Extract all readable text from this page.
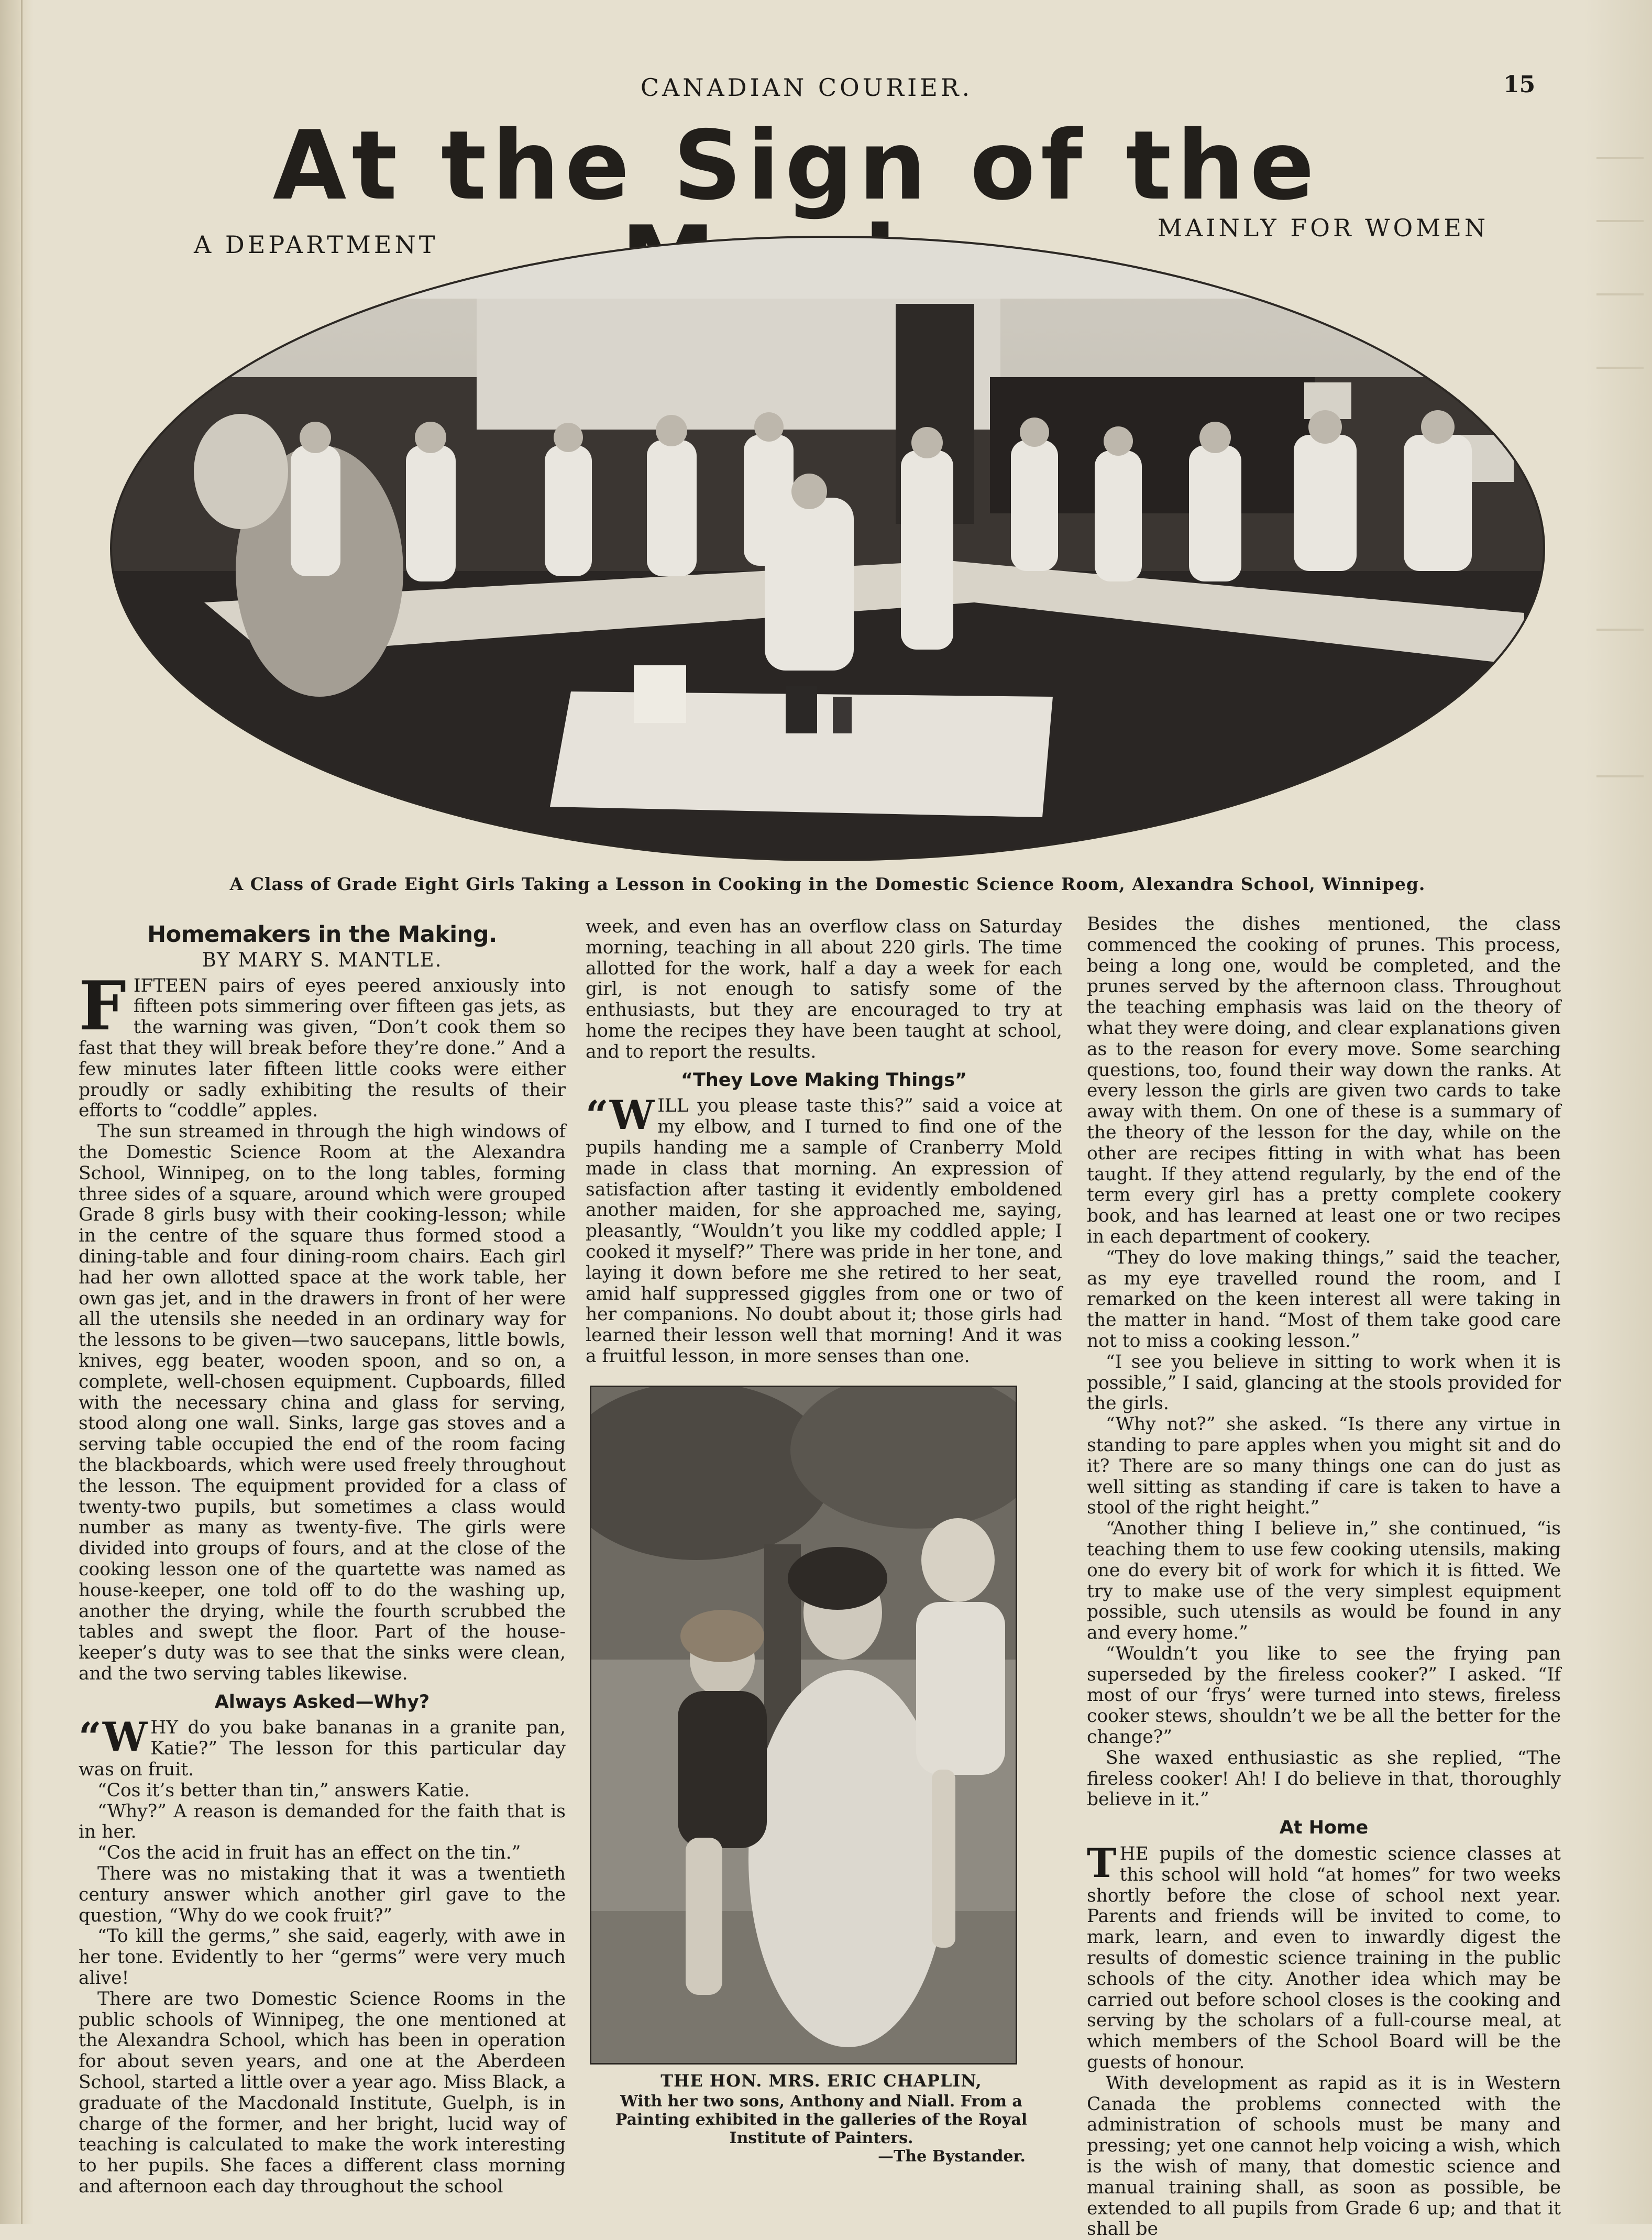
CANADIAN COURIER.	15
At the Sign of the
A DEPARTMENT
MAINLY FOR WOMEN
A Class of Grade Eight Girls Taking a Lesson in Cooking in the Domestic Science Room, Alexandra School, Winnipeg.
Homemakers in the Making.
BY MARY S. MANTLE.

FIFTEEN pairs of eyes peered anxiously into fifteen pots simmering over fifteen gas jets, as the warning was given, “Don’t cook them so fast that they will break before they’re done.” And a few minutes later fifteen little cooks were either proudly or sadly exhibiting the results of their efforts to “coddle” apples.

The sun streamed in through the high windows of the Domestic Science Room at the Alexandra School, Winnipeg, on to the long tables, forming three sides of a square, around which were grouped Grade 8 girls busy with their cooking-lesson; while in the centre of the square thus formed stood a dining-table and four dining-room chairs. Each girl had her own allotted space at the work table, her own gas jet, and in the drawers in front of her were all the utensils she needed in an ordinary way for the lessons to be given—two saucepans, little bowls, knives, egg beater, wooden spoon, and so on, a complete, well-chosen equipment. Cupboards, filled with the necessary china and glass for serving, stood along one wall. Sinks, large gas stoves and a serving table occupied the end of the room facing the blackboards, which were used freely throughout the lesson. The equipment provided for a class of twenty-two pupils, but sometimes a class would number as many as twenty-five. The girls were divided into groups of fours, and at the close of the cooking lesson one of the quartette was named as house-keeper, one told off to do the washing up, another the drying, while the fourth scrubbed the tables and swept the floor. Part of the house-keeper’s duty was to see that the sinks were clean, and the two serving tables likewise.

Always Asked—Why?

“WHY do you bake bananas in a granite pan, Katie?” The lesson for this particular day was on fruit.

“Cos it’s better than tin,” answers Katie.

“Why?” A reason is demanded for the faith that is in her.

“Cos the acid in fruit has an effect on the tin.”

There was no mistaking that it was a twentieth century answer which another girl gave to the question, “Why do we cook fruit?”

“To kill the germs,” she said, eagerly, with awe in her tone. Evidently to her “germs” were very much alive!

There are two Domestic Science Rooms in the public schools of Winnipeg, the one mentioned at the Alexandra School, which has been in operation for about seven years, and one at the Aberdeen School, started a little over a year ago. Miss Black, a graduate of the Macdonald Institute, Guelph, is in charge of the former, and her bright, lucid way of teaching is calculated to make the work interesting to her pupils. She faces a different class morning and afternoon each day throughout the school

week, and even has an overflow class on Saturday morning, teaching in all about 220 girls. The time allotted for the work, half a day a week for each girl, is not enough to satisfy some of the enthusiasts, but they are encouraged to try at home the recipes they have been taught at school, and to report the results.

“They Love Making Things”

“WILL you please taste this?” said a voice at my elbow, and I turned to find one of the pupils handing me a sample of Cranberry Mold made in class that morning. An expression of satisfaction after tasting it evidently emboldened another maiden, for she approached me, saying, pleasantly, “Wouldn’t you like my coddled apple; I cooked it myself?” There was pride in her tone, and laying it down before me she retired to her seat, amid half suppressed giggles from one or two of her companions. No doubt about it; those girls had learned their lesson well that morning! And it was a fruitful lesson, in more senses than one.

THE HON. MRS. ERIC CHAPLIN,
With her two sons, Anthony and Niall. From a Painting exhibited in the galleries of the Royal Institute of Painters.
—The Bystander.

Besides the dishes mentioned, the class commenced the cooking of prunes. This process, being a long one, would be completed, and the prunes served by the afternoon class. Throughout the teaching emphasis was laid on the theory of what they were doing, and clear explanations given as to the reason for every move. Some searching questions, too, found their way down the ranks. At every lesson the girls are given two cards to take away with them. On one of these is a summary of the theory of the lesson for the day, while on the other are recipes fitting in with what has been taught. If they attend regularly, by the end of the term every girl has a pretty complete cookery book, and has learned at least one or two recipes in each department of cookery.

“They do love making things,” said the teacher, as my eye travelled round the room, and I remarked on the keen interest all were taking in the matter in hand. “Most of them take good care not to miss a cooking lesson.”

“I see you believe in sitting to work when it is possible,” I said, glancing at the stools provided for the girls.

“Why not?” she asked. “Is there any virtue in standing to pare apples when you might sit and do it? There are so many things one can do just as well sitting as standing if care is taken to have a stool of the right height.”

“Another thing I believe in,” she continued, “is teaching them to use few cooking utensils, making one do every bit of work for which it is fitted. We try to make use of the very simplest equipment possible, such utensils as would be found in any and every home.”

“Wouldn’t you like to see the frying pan superseded by the fireless cooker?” I asked. “If most of our ‘frys’ were turned into stews, fireless cooker stews, shouldn’t we be all the better for the change?”

She waxed enthusiastic as she replied, “The fireless cooker! Ah! I do believe in that, thoroughly believe in it.”

At Home

THE pupils of the domestic science classes at this school will hold “at homes” for two weeks shortly before the close of school next year. Parents and friends will be invited to come, to mark, learn, and even to inwardly digest the results of domestic science training in the public schools of the city. Another idea which may be carried out before school closes is the cooking and serving by the scholars of a full-course meal, at which members of the School Board will be the guests of honour.

With development as rapid as it is in Western Canada the problems connected with the administration of schools must be many and pressing; yet one cannot help voicing a wish, which is the wish of many, that domestic science and manual training shall, as soon as possible, be extended to all pupils from Grade 6 up; and that it shall be
